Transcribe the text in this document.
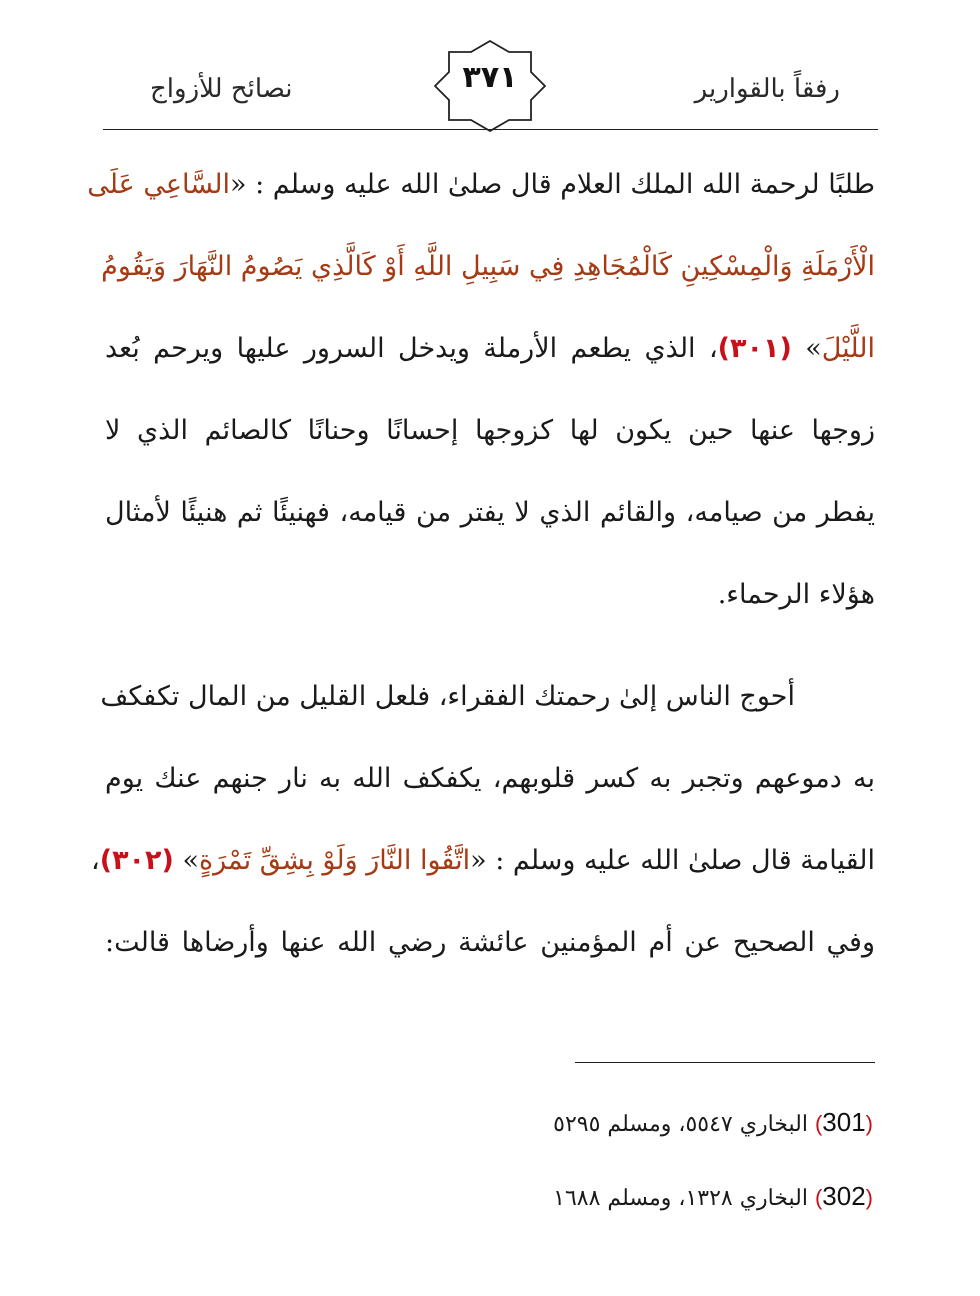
رفقاً بالقوارير
٣٧١
نصائح للأزواج
طلبًا لرحمة الله الملك العلام قال صلىٰ الله عليه وسلم : «السَّاعِي عَلَى
الْأَرْمَلَةِ وَالْمِسْكِينِ كَالْمُجَاهِدِ فِي سَبِيلِ اللَّهِ أَوْ كَالَّذِي يَصُومُ النَّهَارَ وَيَقُومُ
اللَّيْلَ» (٣٠١)، الذي يطعم الأرملة ويدخل السرور عليها ويرحم بُعد
زوجها عنها حين يكون لها كزوجها إحسانًا وحنانًا كالصائم الذي لا
يفطر من صيامه، والقائم الذي لا يفتر من قيامه، فهنيئًا ثم هنيئًا لأمثال
هؤلاء الرحماء.
أحوج الناس إلىٰ رحمتك الفقراء، فلعل القليل من المال تكفكف
به دموعهم وتجبر به كسر قلوبهم، يكفكف الله به نار جنهم عنك يوم
القيامة قال صلىٰ الله عليه وسلم : «اتَّقُوا النَّارَ وَلَوْ بِشِقِّ تَمْرَةٍ» (٣٠٢)،
وفي الصحيح عن أم المؤمنين عائشة رضي الله عنها وأرضاها قالت:
(301) البخاري ٥٥٤٧، ومسلم ٥٢٩٥
(302) البخاري ١٣٢٨، ومسلم ١٦٨٨
